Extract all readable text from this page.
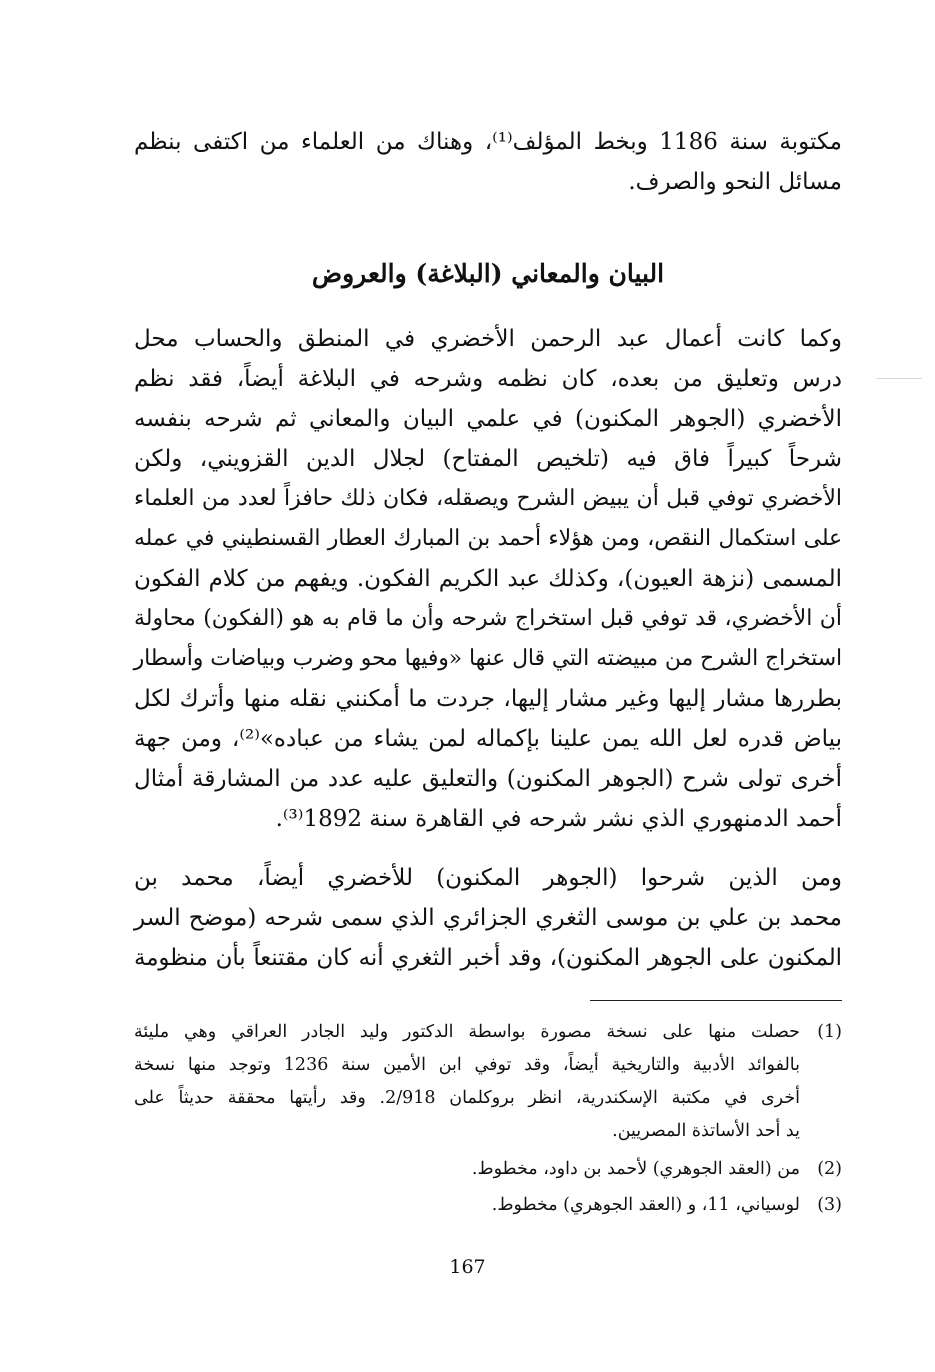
مكتوبة سنة 1186 وبخط المؤلف⁽¹⁾، وهناك من العلماء من اكتفى بنظم
مسائل النحو والصرف.
البيان والمعاني (البلاغة) والعروض
وكما كانت أعمال عبد الرحمن الأخضري في المنطق والحساب محل
درس وتعليق من بعده، كان نظمه وشرحه في البلاغة أيضاً، فقد نظم
الأخضري (الجوهر المكنون) في علمي البيان والمعاني ثم شرحه بنفسه
شرحاً كبيراً فاق فيه (تلخيص المفتاح) لجلال الدين القزويني، ولكن
الأخضري توفي قبل أن يبيض الشرح ويصقله، فكان ذلك حافزاً لعدد من العلماء
على استكمال النقص، ومن هؤلاء أحمد بن المبارك العطار القسنطيني في عمله
المسمى (نزهة العيون)، وكذلك عبد الكريم الفكون. ويفهم من كلام الفكون
أن الأخضري، قد توفي قبل استخراج شرحه وأن ما قام به هو (الفكون) محاولة
استخراج الشرح من مبيضته التي قال عنها «وفيها محو وضرب وبياضات وأسطار
بطررها مشار إليها وغير مشار إليها، جردت ما أمكنني نقله منها وأترك لكل
بياض قدره لعل الله يمن علينا بإكماله لمن يشاء من عباده»⁽²⁾، ومن جهة
أخرى تولى شرح (الجوهر المكنون) والتعليق عليه عدد من المشارقة أمثال
أحمد الدمنهوري الذي نشر شرحه في القاهرة سنة 1892⁽³⁾.
ومن الذين شرحوا (الجوهر المكنون) للأخضري أيضاً، محمد بن
محمد بن علي بن موسى الثغري الجزائري الذي سمى شرحه (موضح السر
المكنون على الجوهر المكنون)، وقد أخبر الثغري أنه كان مقتنعاً بأن منظومة
(1)
حصلت منها على نسخة مصورة بواسطة الدكتور وليد الجادر العراقي وهي مليئة
بالفوائد الأدبية والتاريخية أيضاً، وقد توفي ابن الأمين سنة 1236 وتوجد منها نسخة
أخرى في مكتبة الإسكندرية، انظر بروكلمان 2/918. وقد رأيتها محققة حديثاً على
يد أحد الأساتذة المصريين.
(2)
من (العقد الجوهري) لأحمد بن داود، مخطوط.
(3)
لوسياني، 11، و (العقد الجوهري) مخطوط.
167
